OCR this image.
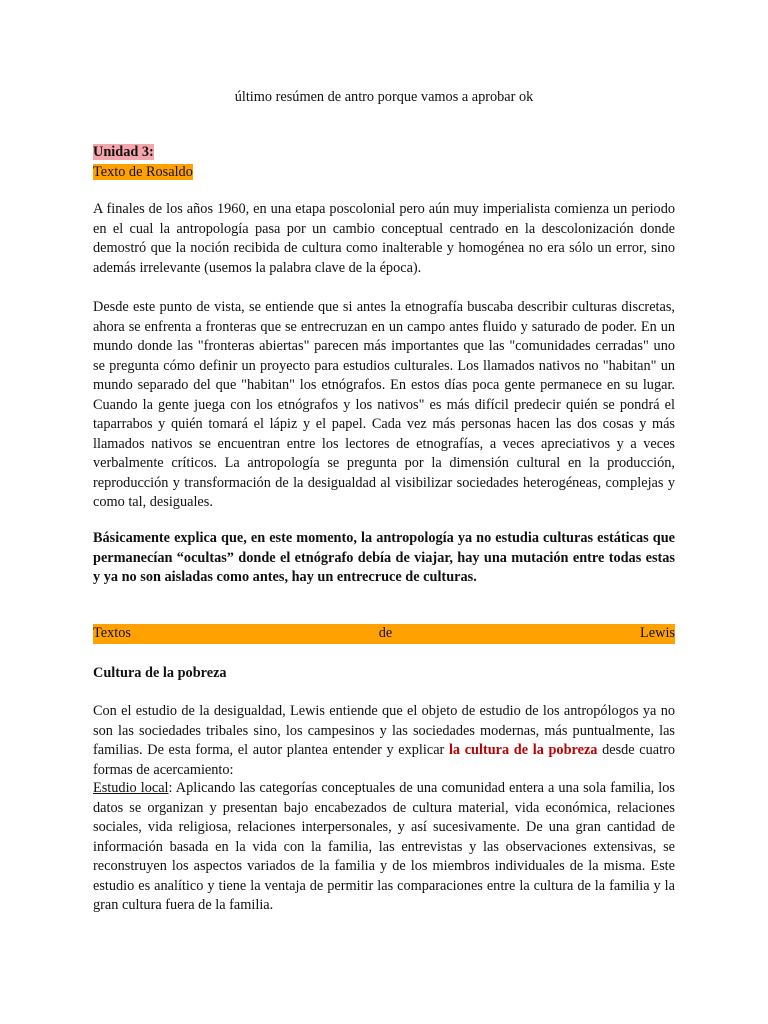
último resúmen de antro porque vamos a aprobar ok
Unidad 3:
Texto de Rosaldo
A finales de los años 1960, en una etapa poscolonial pero aún muy imperialista comienza un periodo en el cual la antropología pasa por un cambio conceptual centrado en la descolonización donde demostró que la noción recibida de cultura como inalterable y homogénea no era sólo un error, sino además irrelevante (usemos la palabra clave de la época).
Desde este punto de vista, se entiende que si antes la etnografía buscaba describir culturas discretas, ahora se enfrenta a fronteras que se entrecruzan en un campo antes fluido y saturado de poder. En un mundo donde las "fronteras abiertas" parecen más importantes que las "comunidades cerradas" uno se pregunta cómo definir un proyecto para estudios culturales. Los llamados nativos no "habitan" un mundo separado del que "habitan" los etnógrafos. En estos días poca gente permanece en su lugar. Cuando la gente juega con los etnógrafos y los nativos" es más difícil predecir quién se pondrá el taparrabos y quién tomará el lápiz y el papel. Cada vez más personas hacen las dos cosas y más llamados nativos se encuentran entre los lectores de etnografías, a veces apreciativos y a veces verbalmente críticos. La antropología se pregunta por la dimensión cultural en la producción, reproducción y transformación de la desigualdad al visibilizar sociedades heterogéneas, complejas y como tal, desiguales.
Básicamente explica que, en este momento, la antropología ya no estudia culturas estáticas que permanecían “ocultas” donde el etnógrafo debía de viajar, hay una mutación entre todas estas y ya no son aisladas como antes, hay un entrecruce de culturas.
Textos	de	Lewis
Cultura de la pobreza
Con el estudio de la desigualdad, Lewis entiende que el objeto de estudio de los antropólogos ya no son las sociedades tribales sino, los campesinos y las sociedades modernas, más puntualmente, las familias. De esta forma, el autor plantea entender y explicar la cultura de la pobreza desde cuatro formas de acercamiento:
Estudio local: Aplicando las categorías conceptuales de una comunidad entera a una sola familia, los datos se organizan y presentan bajo encabezados de cultura material, vida económica, relaciones sociales, vida religiosa, relaciones interpersonales, y así sucesivamente. De una gran cantidad de información basada en la vida con la familia, las entrevistas y las observaciones extensivas, se reconstruyen los aspectos variados de la familia y de los miembros individuales de la misma. Este estudio es analítico y tiene la ventaja de permitir las comparaciones entre la cultura de la familia y la gran cultura fuera de la familia.
